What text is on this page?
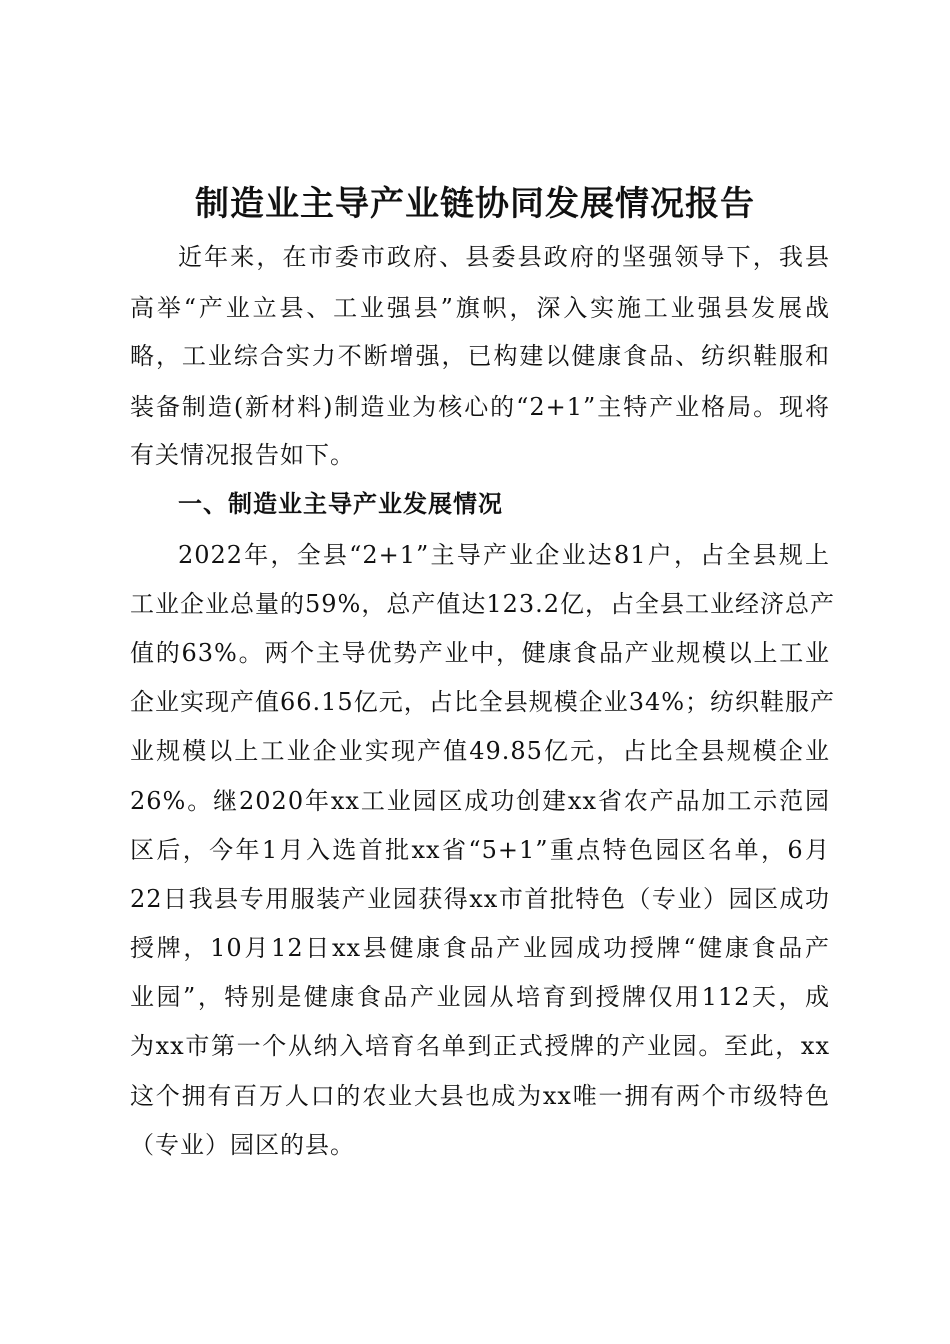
制造业主导产业链协同发展情况报告
近年来，在市委市政府、县委县政府的坚强领导下，我县
高举“产业立县、工业强县”旗帜，深入实施工业强县发展战
略，工业综合实力不断增强，已构建以健康食品、纺织鞋服和
装备制造(新材料)制造业为核心的“2+1”主特产业格局。现将
有关情况报告如下。
一、制造业主导产业发展情况
2022年，全县“2+1”主导产业企业达81户，占全县规上
工业企业总量的59%，总产值达123.2亿，占全县工业经济总产
值的63%。两个主导优势产业中，健康食品产业规模以上工业
企业实现产值66.15亿元，占比全县规模企业34%；纺织鞋服产
业规模以上工业企业实现产值49.85亿元，占比全县规模企业
26%。继2020年xx工业园区成功创建xx省农产品加工示范园
区后，今年1月入选首批xx省“5+1”重点特色园区名单，6月
22日我县专用服装产业园获得xx市首批特色（专业）园区成功
授牌，10月12日xx县健康食品产业园成功授牌“健康食品产
业园”，特别是健康食品产业园从培育到授牌仅用112天，成
为xx市第一个从纳入培育名单到正式授牌的产业园。至此，xx
这个拥有百万人口的农业大县也成为xx唯一拥有两个市级特色
（专业）园区的县。
